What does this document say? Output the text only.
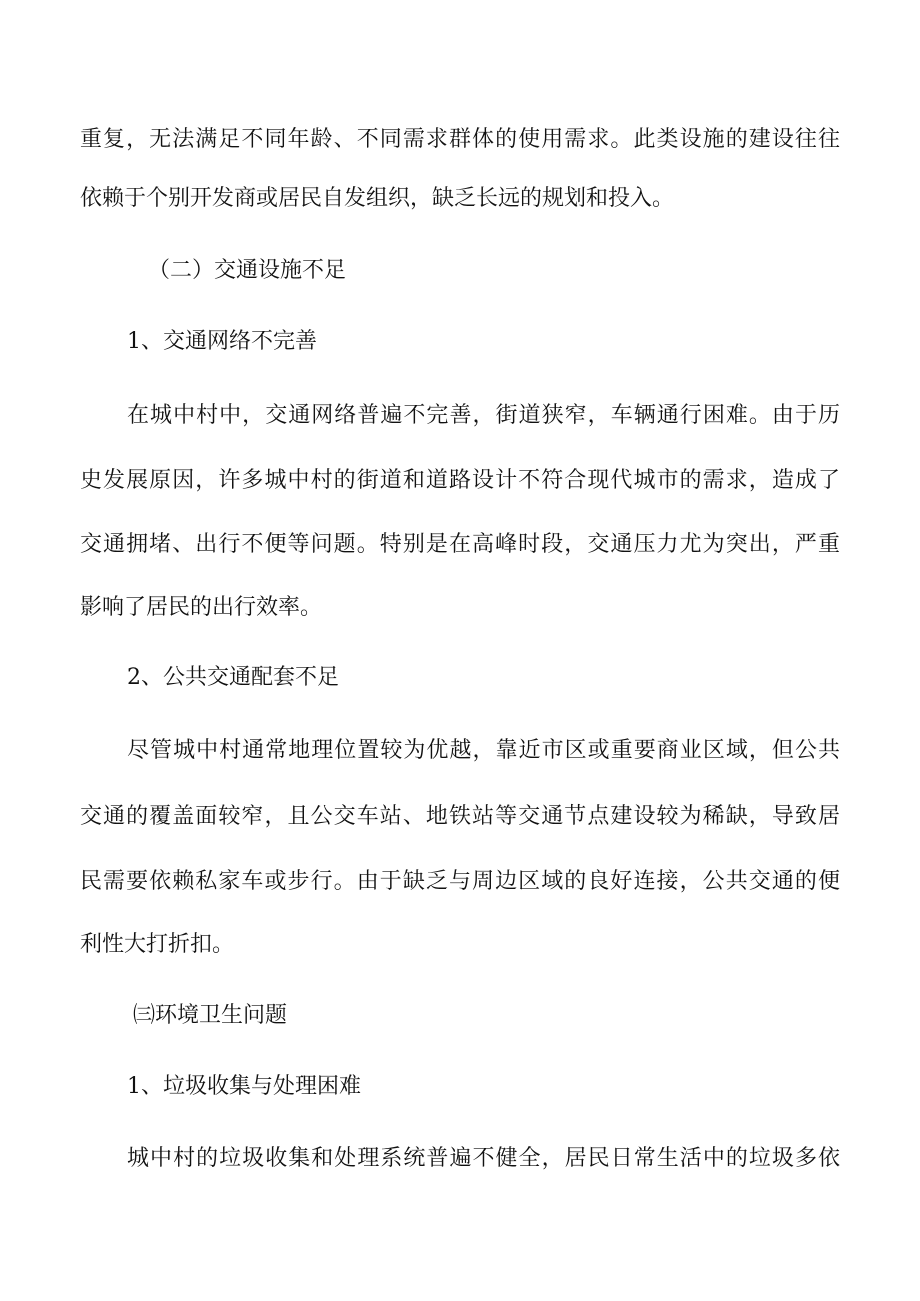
重复，无法满足不同年龄、不同需求群体的使用需求。此类设施的建设往往
依赖于个别开发商或居民自发组织，缺乏长远的规划和投入。
（二）交通设施不足
1、交通网络不完善
在城中村中，交通网络普遍不完善，街道狭窄，车辆通行困难。由于历
史发展原因，许多城中村的街道和道路设计不符合现代城市的需求，造成了
交通拥堵、出行不便等问题。特别是在高峰时段，交通压力尤为突出，严重
影响了居民的出行效率。
2、公共交通配套不足
尽管城中村通常地理位置较为优越，靠近市区或重要商业区域，但公共
交通的覆盖面较窄，且公交车站、地铁站等交通节点建设较为稀缺，导致居
民需要依赖私家车或步行。由于缺乏与周边区域的良好连接，公共交通的便
利性大打折扣。
㈢环境卫生问题
1、垃圾收集与处理困难
城中村的垃圾收集和处理系统普遍不健全，居民日常生活中的垃圾多依
